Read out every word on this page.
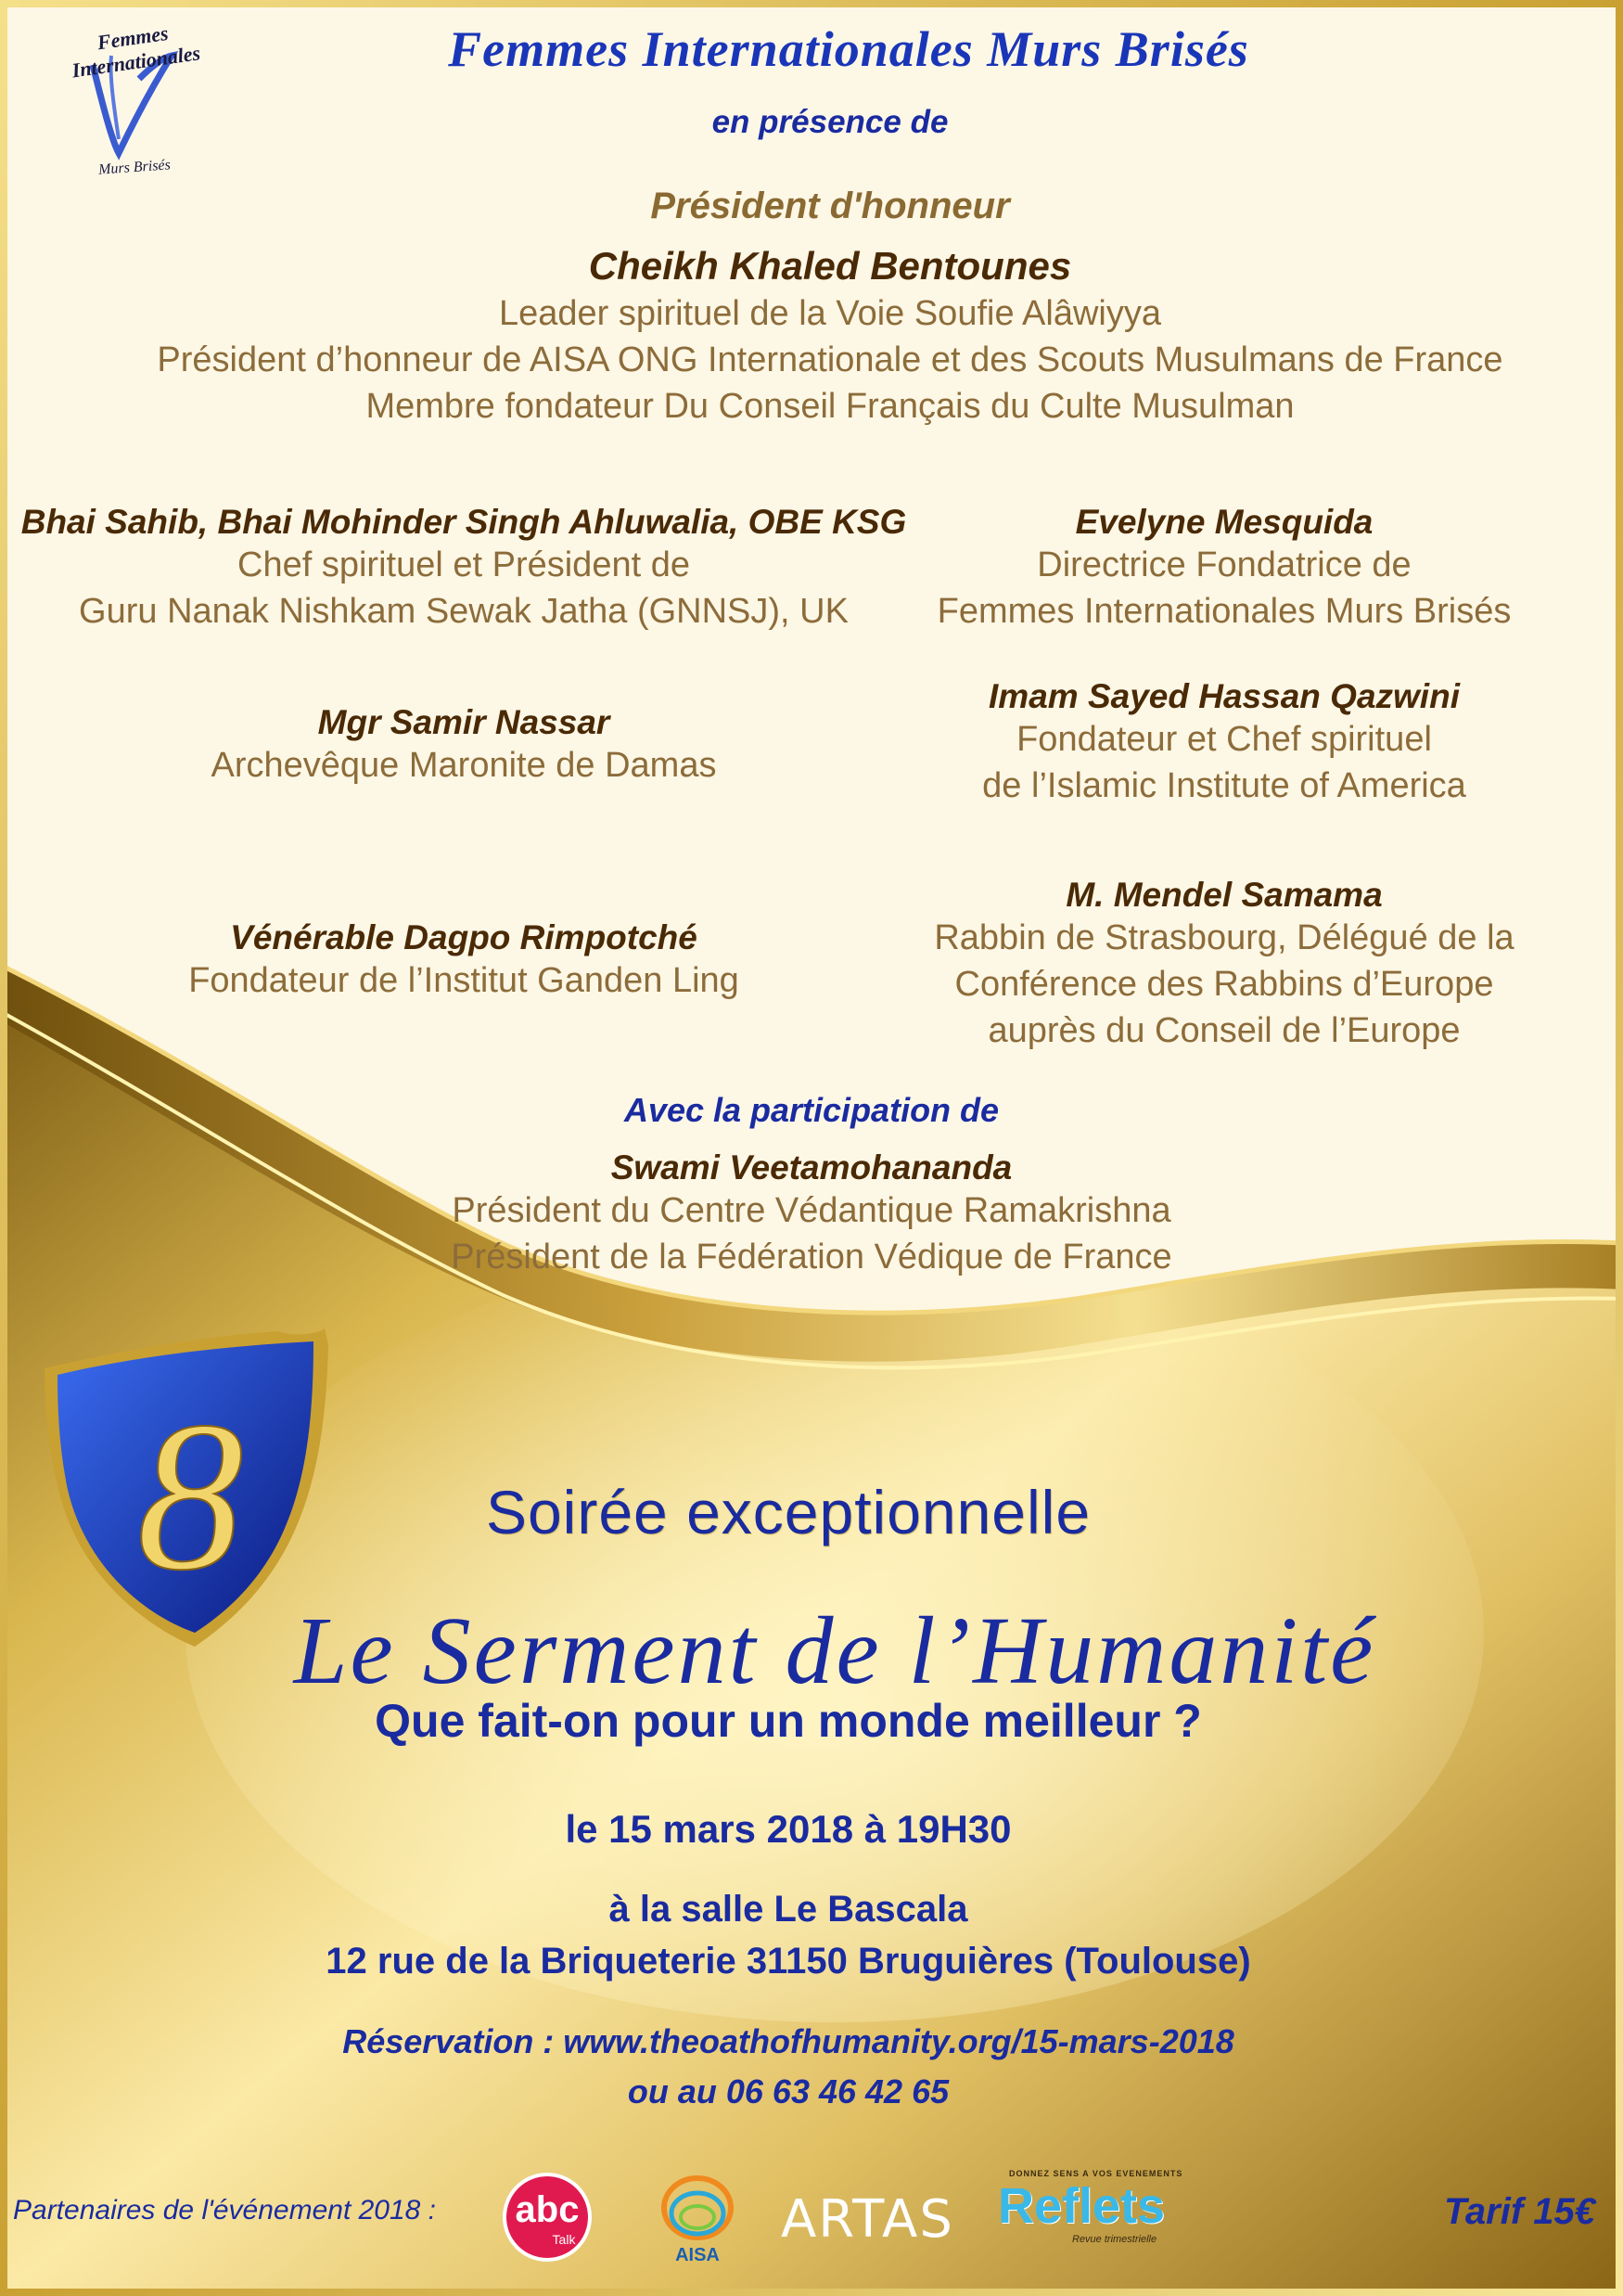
8
Femmes Internationales
Murs Brisés
Femmes Internationales Murs Brisés
en présence de
Président d'honneur
Cheikh Khaled Bentounes
Leader spirituel de la Voie Soufie Alâwiyya
Président d’honneur de AISA ONG Internationale et des Scouts Musulmans de France
Membre fondateur Du Conseil Français du Culte Musulman
Bhai Sahib, Bhai Mohinder Singh Ahluwalia, OBE KSG
Chef spirituel et Président de
Guru Nanak Nishkam Sewak Jatha (GNNSJ), UK
Mgr Samir Nassar
Archevêque Maronite de Damas
Vénérable Dagpo Rimpotché
Fondateur de l’Institut Ganden Ling
Evelyne Mesquida
Directrice Fondatrice de
Femmes Internationales Murs Brisés
Imam Sayed Hassan Qazwini
Fondateur et Chef spirituel
de l’Islamic Institute of America
M. Mendel Samama
Rabbin de Strasbourg, Délégué de la
Conférence des Rabbins d’Europe
auprès du Conseil de l’Europe
Avec la participation de
Swami Veetamohananda
Président du Centre Védantique Ramakrishna
Président de la Fédération Védique de France
Soirée exceptionnelle
Le Serment de l’Humanité
Que fait-on pour un monde meilleur ?
le 15 mars 2018 à 19H30
à la salle Le Bascala
12 rue de la Briqueterie 31150 Bruguières (Toulouse)
Réservation : www.theoathofhumanity.org/15-mars-2018
ou au 06 63 46 42 65
Partenaires de l'événement 2018 :	abc
Talk
AISA
ARTAS
DONNEZ SENS A VOS EVENEMENTS
Reflets
Revue trimestrielle
Tarif 15€
